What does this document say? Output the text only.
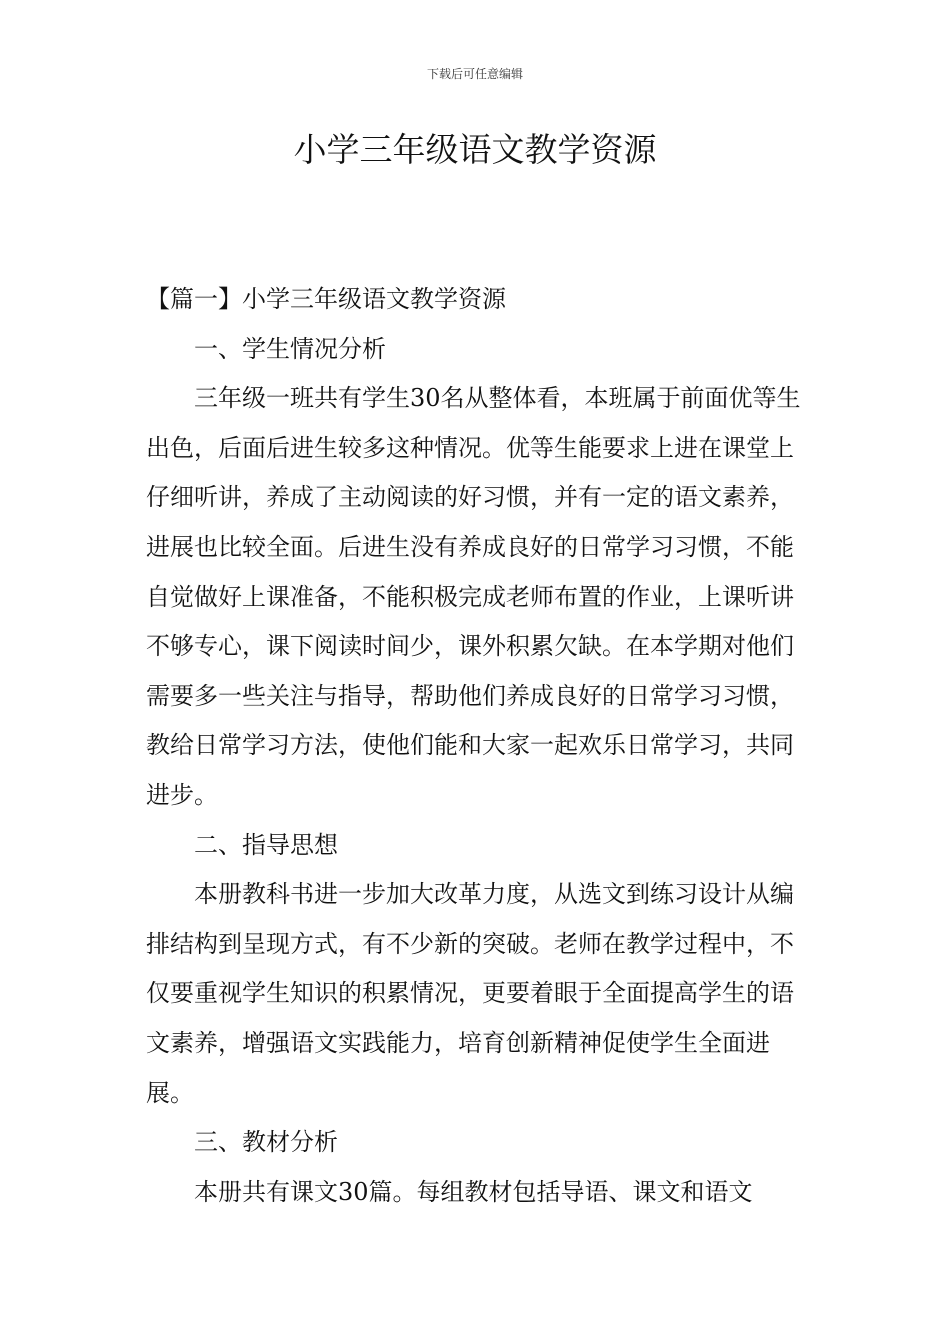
下载后可任意编辑
小学三年级语文教学资源

【篇一】小学三年级语文教学资源

一、学生情况分析

三年级一班共有学生30名从整体看，本班属于前面优等生出色，后面后进生较多这种情况。优等生能要求上进在课堂上仔细听讲，养成了主动阅读的好习惯，并有一定的语文素养，进展也比较全面。后进生没有养成良好的日常学习习惯，不能自觉做好上课准备，不能积极完成老师布置的作业，上课听讲不够专心，课下阅读时间少，课外积累欠缺。在本学期对他们需要多一些关注与指导，帮助他们养成良好的日常学习习惯，教给日常学习方法，使他们能和大家一起欢乐日常学习，共同进步。

二、指导思想

本册教科书进一步加大改革力度，从选文到练习设计从编排结构到呈现方式，有不少新的突破。老师在教学过程中，不仅要重视学生知识的积累情况，更要着眼于全面提高学生的语文素养，增强语文实践能力，培育创新精神促使学生全面进展。

三、教材分析

本册共有课文30篇。每组教材包括导语、课文和语文
